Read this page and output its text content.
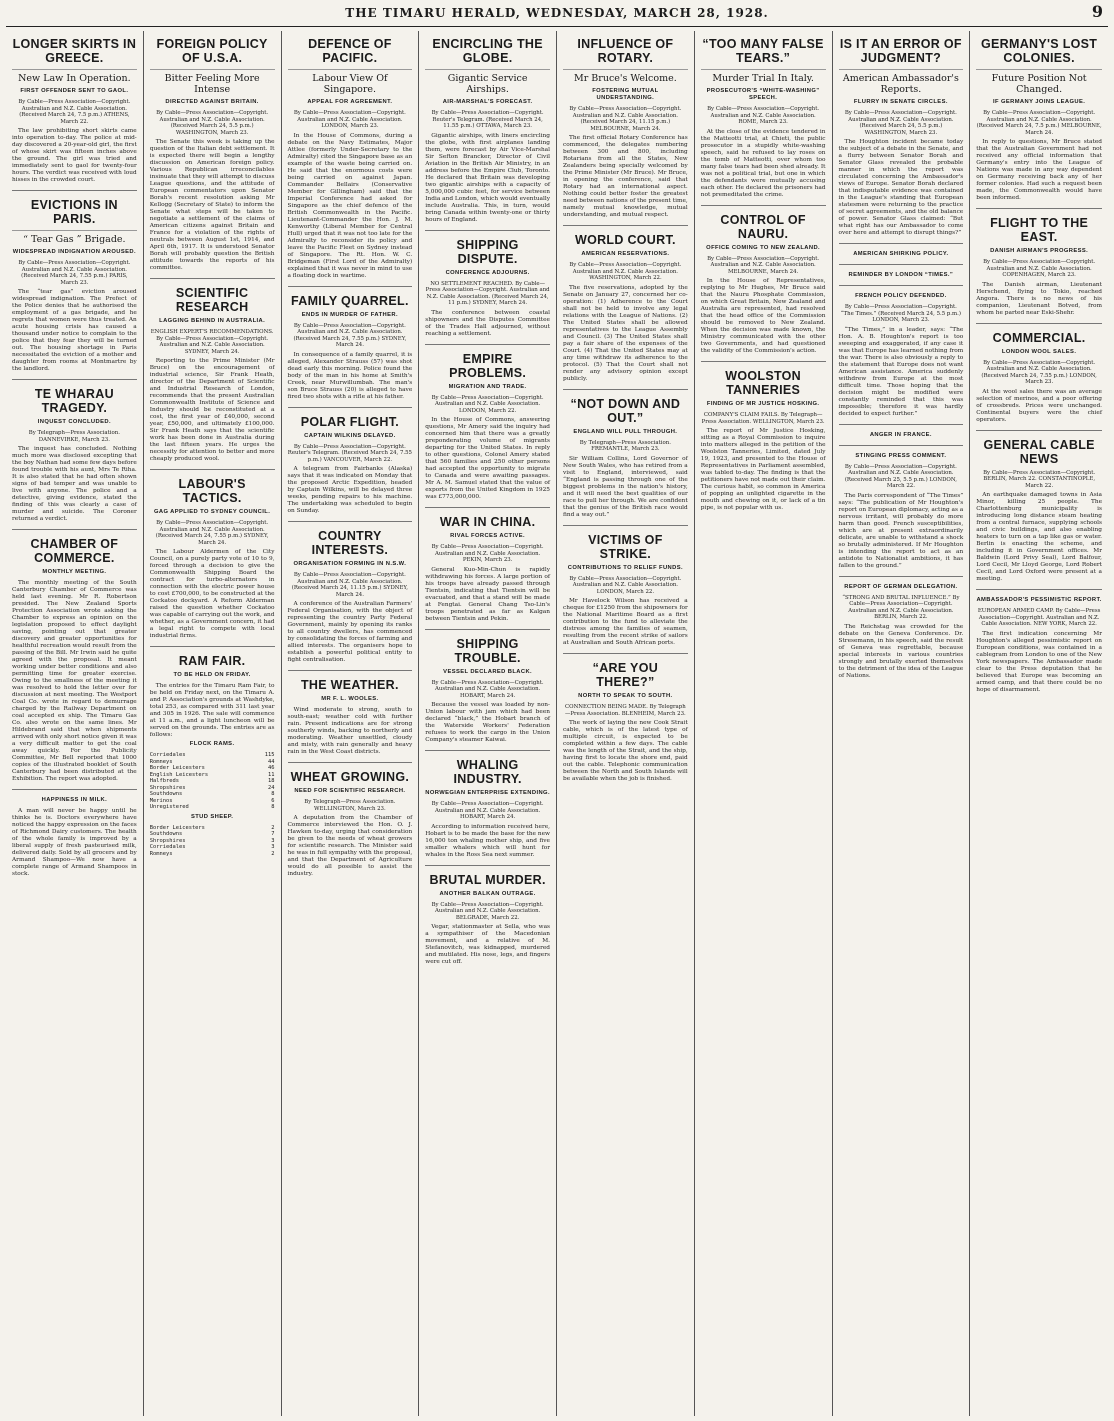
THE TIMARU HERALD, WEDNESDAY, MARCH 28, 1928.	9
LONGER SKIRTS IN GREECE.
New Law In Operation.
FIRST OFFENDER SENT TO GAOL.
By Cable—Press Association—Copyright. Australian and N.Z. Cable Association. (Received March 24, 7.5 p.m.) ATHENS, March 22.
The law prohibiting short skirts came into operation to-day. The police at mid-day discovered a 20-year-old girl, the first of whose skirt was fifteen inches above the ground. The girl was tried and immediately sent to gaol for twenty-four hours. The verdict was received with loud hisses in the crowded court.
EVICTIONS IN PARIS.
“ Tear Gas ” Brigade.
WIDESPREAD INDIGNATION AROUSED.
By Cable—Press Association—Copyright. Australian and N.Z. Cable Association. (Received March 24, 7.55 p.m.) PARIS, March 23.
The “tear gas” eviction aroused widespread indignation. The Prefect of the Police denies that he authorised the employment of a gas brigade, and he regrets that women were thus treated. An acute housing crisis has caused a thousand under notice to complain to the police that they fear they will be turned out. The housing shortage in Paris necessitated the eviction of a mother and daughter from rooms at Montmartre by the landlord.
TE WHARAU TRAGEDY.
INQUEST CONCLUDED.
By Telegraph—Press Association. DANNEVIRKE, March 23.
The inquest has concluded. Nothing much more was disclosed excepting that the boy Nathan had some few days before found trouble with his aunt, Mrs Te Riha. It is also stated that he had often shown signs of bad temper and was unable to live with anyone. The police and a detective, giving evidence, stated the finding of this was clearly a case of murder and suicide. The Coroner returned a verdict.
CHAMBER OF COMMERCE.
MONTHLY MEETING.
The monthly meeting of the South Canterbury Chamber of Commerce was held last evening. Mr R. Robertson presided. The New Zealand Sports Protection Association wrote asking the Chamber to express an opinion on the legislation proposed to effect daylight saving, pointing out that greater discovery and greater opportunities for healthful recreation would result from the passing of the Bill. Mr Irwin said he quite agreed with the proposal. It meant working under better conditions and also permitting time for greater exercise. Owing to the smallness of the meeting it was resolved to hold the letter over for discussion at next meeting. The Westport Coal Co. wrote in regard to demurrage charged by the Railway Department on coal accepted ex ship. The Timaru Gas Co. also wrote on the same lines. Mr Hildebrand said that when shipments arrived with only short notice given it was a very difficult matter to get the coal away quickly. For the Publicity Committee, Mr Bell reported that 1000 copies of the illustrated booklet of South Canterbury had been distributed at the Exhibition. The report was adopted.
HAPPINESS IN MILK.
A man will never be happy until he thinks he is. Doctors everywhere have noticed the happy expression on the faces of Richmond Dairy customers. The health of the whole family is improved by a liberal supply of fresh pasteurised milk, delivered daily. Sold by all grocers and by Armand Shampoo—We now have a complete range of Armand Shampoos in stock.
FOREIGN POLICY OF U.S.A.
Bitter Feeling More Intense
DIRECTED AGAINST BRITAIN.
By Cable—Press Association—Copyright. Australian and N.Z. Cable Association. (Received March 24, 5.5 p.m.) WASHINGTON, March 23.
The Senate this week is taking up the question of the Italian debt settlement. It is expected there will begin a lengthy discussion on American foreign policy. Various Republican irreconcilables insinuate that they will attempt to discuss League questions, and the attitude of European commentators upon Senator Borah's recent resolution asking Mr Kellogg (Secretary of State) to inform the Senate what steps will be taken to negotiate a settlement of the claims of American citizens against Britain and France for a violation of the rights of neutrals between August 1st, 1914, and April 6th, 1917. It is understood Senator Borah will probably question the British attitude towards the reports of his committee.
SCIENTIFIC RESEARCH
LAGGING BEHIND IN AUSTRALIA.
ENGLISH EXPERT'S RECOMMENDATIONS. By Cable—Press Association—Copyright. Australian and N.Z. Cable Association. SYDNEY, March 24.
Reporting to the Prime Minister (Mr Bruce) on the encouragement of industrial science, Sir Frank Heath, director of the Department of Scientific and Industrial Research of London, recommends that the present Australian Commonwealth Institute of Science and Industry should be reconstituted at a cost, the first year of £40,000, second year, £50,000, and ultimately £100,000. Sir Frank Heath says that the scientific work has been done in Australia during the last fifteen years. He urges the necessity for attention to better and more cheaply produced wool.
LABOUR'S TACTICS.
GAG APPLIED TO SYDNEY COUNCIL.
By Cable—Press Association—Copyright. Australian and N.Z. Cable Association. (Received March 24, 7.55 p.m.) SYDNEY, March 24.
The Labour Aldermen of the City Council, on a purely party vote of 10 to 9, forced through a decision to give the Commonwealth Shipping Board the contract for turbo-alternators in connection with the electric power house to cost £700,000, to be constructed at the Cockatoo dockyard. A Reform Alderman raised the question whether Cockatoo was capable of carrying out the work, and whether, as a Government concern, it had a legal right to compete with local industrial firms.
RAM FAIR.
TO BE HELD ON FRIDAY.
The entries for the Timaru Ram Fair, to be held on Friday next, on the Timaru A. and P. Association's grounds at Washdyke, total 253, as compared with 311 last year and 305 in 1926. The sale will commence at 11 a.m., and a light luncheon will be served on the grounds. The entries are as follows:
FLOCK RAMS.
Corriedales	115
Romneys	44
Border Leicesters	46
English Leicesters	11
Halfbreds	18
Shropshires	24
Southdowns	8
Merinos	6
Unregistered	8
STUD SHEEP.
Border Leicesters	2
Southdowns	7
Shropshires	3
Corriedales	3
Romneys	2
DEFENCE OF PACIFIC.
Labour View Of Singapore.
APPEAL FOR AGREEMENT.
By Cable—Press Association—Copyright. Australian and N.Z. Cable Association. LONDON, March 23.
In the House of Commons, during a debate on the Navy Estimates, Major Attlee (formerly Under-Secretary to the Admiralty) cited the Singapore base as an example of the waste being carried on. He said that the enormous costs were being carried on against Japan. Commander Bellairs (Conservative Member for Gillingham) said that the Imperial Conference had asked for Singapore as the chief defence of the British Commonwealth in the Pacific. Lieutenant-Commander the Hon. J. M. Kenworthy (Liberal Member for Central Hull) urged that it was not too late for the Admiralty to reconsider its policy and leave the Pacific Fleet on Sydney instead of Singapore. The Rt. Hon. W. C. Bridgeman (First Lord of the Admiralty) explained that it was never in mind to use a floating dock in wartime.
FAMILY QUARREL.
ENDS IN MURDER OF FATHER.
By Cable—Press Association—Copyright. Australian and N.Z. Cable Association. (Received March 24, 7.55 p.m.) SYDNEY, March 24.
In consequence of a family quarrel, it is alleged, Alexander Strauss (57) was shot dead early this morning. Police found the body of the man in his home at Smith's Creek, near Murwillumbah. The man's son Bruce Strauss (20) is alleged to have fired two shots with a rifle at his father.
POLAR FLIGHT.
CAPTAIN WILKINS DELAYED.
By Cable—Press Association—Copyright. Reuter's Telegram. (Received March 24, 7.55 p.m.) VANCOUVER, March 22.
A telegram from Fairbanks (Alaska) says that it was indicated on Monday that the proposed Arctic Expedition, headed by Captain Wilkins, will be delayed three weeks, pending repairs to his machine. The undertaking was scheduled to begin on Sunday.
COUNTRY INTERESTS.
ORGANISATION FORMING IN N.S.W.
By Cable—Press Association—Copyright. Australian and N.Z. Cable Association. (Received March 24, 11.15 p.m.) SYDNEY, March 24.
A conference of the Australian Farmers' Federal Organisation, with the object of representing the country Party Federal Government, mainly by opening its ranks to all country dwellers, has commenced by consolidating the forces of farming and allied interests. The organisers hope to establish a powerful political entity to fight centralisation.
THE WEATHER.
MR F. L. WOOLES.
Wind moderate to strong, south to south-east; weather cold with further rain. Present indications are for strong southerly winds, backing to northerly and moderating. Weather unsettled, cloudy and misty, with rain generally and heavy rain in the West Coast districts.
WHEAT GROWING.
NEED FOR SCIENTIFIC RESEARCH.
By Telegraph—Press Association. WELLINGTON, March 23.
A deputation from the Chamber of Commerce interviewed the Hon. O. J. Hawken to-day, urging that consideration be given to the needs of wheat growers for scientific research. The Minister said he was in full sympathy with the proposal, and that the Department of Agriculture would do all possible to assist the industry.
ENCIRCLING THE GLOBE.
Gigantic Service Airships.
AIR-MARSHAL'S FORECAST.
By Cable—Press Association—Copyright. Reuter's Telegram. (Received March 24, 11.55 p.m.) OTTAWA, March 23.
Gigantic airships, with liners encircling the globe, with first airplanes landing them, were forecast by Air Vice-Marshal Sir Sefton Brancker, Director of Civil Aviation in the British Air Ministry, in an address before the Empire Club, Toronto. He declared that Britain was developing two gigantic airships with a capacity of 5,000,000 cubic feet, for service between India and London, which would eventually include Australia. This, in turn, would bring Canada within twenty-one or thirty hours of England.
SHIPPING DISPUTE.
CONFERENCE ADJOURNS.
NO SETTLEMENT REACHED. By Cable—Press Association—Copyright. Australian and N.Z. Cable Association. (Received March 24, 11 p.m.) SYDNEY, March 24.
The conference between coastal shipowners and the Disputes Committee of the Trades Hall adjourned, without reaching a settlement.
EMPIRE PROBLEMS.
MIGRATION AND TRADE.
By Cable—Press Association—Copyright. Australian and N.Z. Cable Association. LONDON, March 22.
In the House of Commons, answering questions, Mr Amery said the inquiry had concerned him that there was a greatly preponderating volume of migrants departing for the United States. In reply to other questions, Colonel Amery stated that 560 families and 250 other persons had accepted the opportunity to migrate to Canada and were awaiting passages. Mr A. M. Samuel stated that the value of exports from the United Kingdom in 1925 was £773,000,000.
WAR IN CHINA.
RIVAL FORCES ACTIVE.
By Cable—Press Association—Copyright. Australian and N.Z. Cable Association. PEKIN, March 23.
General Kuo-Min-Chun is rapidly withdrawing his forces. A large portion of his troops have already passed through Tientsin, indicating that Tientsin will be evacuated, and that a stand will be made at Fengtai. General Chang Tso-Lin's troops penetrated as far as Kalgan between Tientsin and Pekin.
SHIPPING TROUBLE.
VESSEL DECLARED BLACK.
By Cable—Press Association—Copyright. Australian and N.Z. Cable Association. HOBART, March 24.
Because the vessel was loaded by non-Union labour with jam which had been declared “black,” the Hobart branch of the Waterside Workers' Federation refuses to work the cargo in the Union Company's steamer Kaiwai.
WHALING INDUSTRY.
NORWEGIAN ENTERPRISE EXTENDING.
By Cable—Press Association—Copyright. Australian and N.Z. Cable Association. HOBART, March 24.
According to information received here, Hobart is to be made the base for the new 16,000 ton whaling mother ship, and five smaller whalers which will hunt for whales in the Ross Sea next summer.
BRUTAL MURDER.
ANOTHER BALKAN OUTRAGE.
By Cable—Press Association—Copyright. Australian and N.Z. Cable Association. BELGRADE, March 22.
Vegar, stationmaster at Sella, who was a sympathiser of the Macedonian movement, and a relative of M. Stefanovitch, was kidnapped, murdered and mutilated. His nose, legs, and fingers were cut off.
INFLUENCE OF ROTARY.
Mr Bruce's Welcome.
FOSTERING MUTUAL UNDERSTANDING.
By Cable—Press Association—Copyright. Australian and N.Z. Cable Association. (Received March 24, 11.15 p.m.) MELBOURNE, March 24.
The first official Rotary Conference has commenced, the delegates numbering between 300 and 800, including Rotarians from all the States, New Zealanders being specially welcomed by the Prime Minister (Mr Bruce). Mr Bruce, in opening the conference, said that Rotary had an international aspect. Nothing could better foster the greatest need between nations of the present time, namely mutual knowledge, mutual understanding, and mutual respect.
WORLD COURT.
AMERICAN RESERVATIONS.
By Cable—Press Association—Copyright. Australian and N.Z. Cable Association. WASHINGTON, March 22.
The five reservations, adopted by the Senate on January 27, concerned her co-operation: (1) Adherence to the Court shall not be held to involve any legal relations with the League of Nations. (2) The United States shall be allowed representatives to the League Assembly and Council. (3) The United States shall pay a fair share of the expenses of the Court. (4) That the United States may at any time withdraw its adherence to the protocol. (5) That the Court shall not render any advisory opinion except publicly.
“NOT DOWN AND OUT.”
ENGLAND WILL PULL THROUGH.
By Telegraph—Press Association. FREMANTLE, March 23.
Sir William Collins, Lord Governor of New South Wales, who has retired from a visit to England, interviewed, said “England is passing through one of the biggest problems in the nation's history, and it will need the best qualities of our race to pull her through. We are confident that the genius of the British race would find a way out.”
VICTIMS OF STRIKE.
CONTRIBUTIONS TO RELIEF FUNDS.
By Cable—Press Association—Copyright. Australian and N.Z. Cable Association. LONDON, March 22.
Mr Havelock Wilson has received a cheque for £1250 from the shipowners for the National Maritime Board as a first contribution to the fund to alleviate the distress among the families of seamen, resulting from the recent strike of sailors at Australian and South African ports.
“ARE YOU THERE?”
NORTH TO SPEAK TO SOUTH.
CONNECTION BEING MADE. By Telegraph—Press Association. BLENHEIM, March 23.
The work of laying the new Cook Strait cable, which is of the latest type of multiple circuit, is expected to be completed within a few days. The cable was the length of the Strait, and the ship, having first to locate the shore end, paid out the cable. Telephonic communication between the North and South Islands will be available when the job is finished.
“TOO MANY FALSE TEARS.”
Murder Trial In Italy.
PROSECUTOR'S “WHITE-WASHING” SPEECH.
By Cable—Press Association—Copyright. Australian and N.Z. Cable Association. ROME, March 23.
At the close of the evidence tendered in the Matteotti trial, at Chieti, the public prosecutor in a stupidly white-washing speech, said he refused to lay roses on the tomb of Matteotti, over whom too many false tears had been shed already. It was not a political trial, but one in which the defendants were mutually accusing each other. He declared the prisoners had not premeditated the crime.
CONTROL OF NAURU.
OFFICE COMING TO NEW ZEALAND.
By Cable—Press Association—Copyright. Australian and N.Z. Cable Association. MELBOURNE, March 24.
In the House of Representatives, replying to Mr Hughes, Mr Bruce said that the Nauru Phosphate Commission, on which Great Britain, New Zealand and Australia are represented, had resolved that the head office of the Commission should be removed to New Zealand. When the decision was made known, the Ministry communicated with the other two Governments, and had questioned the validity of the Commission's action.
WOOLSTON TANNERIES
FINDING OF MR JUSTICE HOSKING.
COMPANY'S CLAIM FAILS. By Telegraph—Press Association. WELLINGTON, March 23.
The report of Mr Justice Hosking, sitting as a Royal Commission to inquire into matters alleged in the petition of the Woolston Tanneries, Limited, dated July 19, 1923, and presented to the House of Representatives in Parliament assembled, was tabled to-day. The finding is that the petitioners have not made out their claim. The curious habit, so common in America of popping an unlighted cigarette in the mouth and chewing on it, or lack of a tin pipe, is not popular with us.
IS IT AN ERROR OF JUDGMENT?
American Ambassador's Reports.
FLURRY IN SENATE CIRCLES.
By Cable—Press Association—Copyright. Australian and N.Z. Cable Association. (Received March 24, 5.5 p.m.) WASHINGTON, March 23.
The Houghton incident became today the subject of a debate in the Senate, and a flurry between Senator Borah and Senator Glass revealed the probable manner in which the report was circulated concerning the Ambassador's views of Europe. Senator Borah declared that indisputable evidence was contained in the League's standing that European statesmen were returning to the practice of secret agreements, and the old balance of power. Senator Glass claimed: “But what right has our Ambassador to come over here and attempt to disrupt things?”
AMERICAN SHIRKING POLICY.
REMINDER BY LONDON “TIMES.”
FRENCH POLICY DEFENDED.
By Cable—Press Association—Copyright. “The Times.” (Received March 24, 5.5 p.m.) LONDON, March 23.
“The Times,” in a leader, says: “The Hon. A. B. Houghton's report is too sweeping and exaggerated, if any case it was that Europe has learned nothing from the war. There is also obviously a reply to the statement that Europe does not want American assistance. America suddenly withdrew from Europe at the most difficult time. Those hoping that the decision might be modified were constantly reminded that this was impossible; therefore it was hardly decided to expect further.”
ANGER IN FRANCE.
STINGING PRESS COMMENT.
By Cable—Press Association—Copyright. Australian and N.Z. Cable Association. (Received March 25, 5.5 p.m.) LONDON, March 22.
The Paris correspondent of “The Times” says: “The publication of Mr Houghton's report on European diplomacy, acting as a nervous irritant, will probably do more harm than good. French susceptibilities, which are at present extraordinarily delicate, are unable to withstand a shock so brutally administered. If Mr Houghton is intending the report to act as an antidote to Nationalist ambitions, it has fallen to the ground.”
REPORT OF GERMAN DELEGATION.
“STRONG AND BRUTAL INFLUENCE.” By Cable—Press Association—Copyright. Australian and N.Z. Cable Association. BERLIN, March 22.
The Reichstag was crowded for the debate on the Geneva Conference. Dr. Stresemann, in his speech, said the result of Geneva was regrettable, because special interests in various countries strongly and brutally exerted themselves to the detriment of the idea of the League of Nations.
GERMANY'S LOST COLONIES.
Future Position Not Changed.
IF GERMANY JOINS LEAGUE.
By Cable—Press Association—Copyright. Australian and N.Z. Cable Association. (Received March 24, 7.5 p.m.) MELBOURNE, March 24.
In reply to questions, Mr Bruce stated that the Australian Government had not received any official information that Germany's entry into the League of Nations was made in any way dependent on Germany receiving back any of her former colonies. Had such a request been made, the Commonwealth would have been informed.
FLIGHT TO THE EAST.
DANISH AIRMAN'S PROGRESS.
By Cable—Press Association—Copyright. Australian and N.Z. Cable Association. COPENHAGEN, March 23.
The Danish airman, Lieutenant Herschend, flying to Tokio, reached Angora. There is no news of his companion, Lieutenant Botved, from whom he parted near Eski-Shehr.
COMMERCIAL.
LONDON WOOL SALES.
By Cable—Press Association—Copyright. Australian and N.Z. Cable Association. (Received March 24, 7.55 p.m.) LONDON, March 23.
At the wool sales there was an average selection of merinos, and a poor offering of crossbreds. Prices were unchanged. Continental buyers were the chief operators.
GENERAL CABLE NEWS
By Cable—Press Association—Copyright. BERLIN, March 22. CONSTANTINOPLE, March 22.
An earthquake damaged towns in Asia Minor, killing 25 people. The Charlottenburg municipality is introducing long distance steam heating from a central furnace, supplying schools and civic buildings, and also enabling heaters to turn on a tap like gas or water. Berlin is enacting the scheme, and including it in Government offices. Mr Baldwin (Lord Privy Seal), Lord Balfour, Lord Cecil, Mr Lloyd George, Lord Robert Cecil, and Lord Oxford were present at a meeting.
AMBASSADOR'S PESSIMISTIC REPORT.
EUROPEAN ARMED CAMP. By Cable—Press Association—Copyright. Australian and N.Z. Cable Association. NEW YORK, March 22.
The first indication concerning Mr Houghton's alleged pessimistic report on European conditions, was contained in a cablegram from London to one of the New York newspapers. The Ambassador made clear to the Press deputation that he believed that Europe was becoming an armed camp, and that there could be no hope of disarmament.
